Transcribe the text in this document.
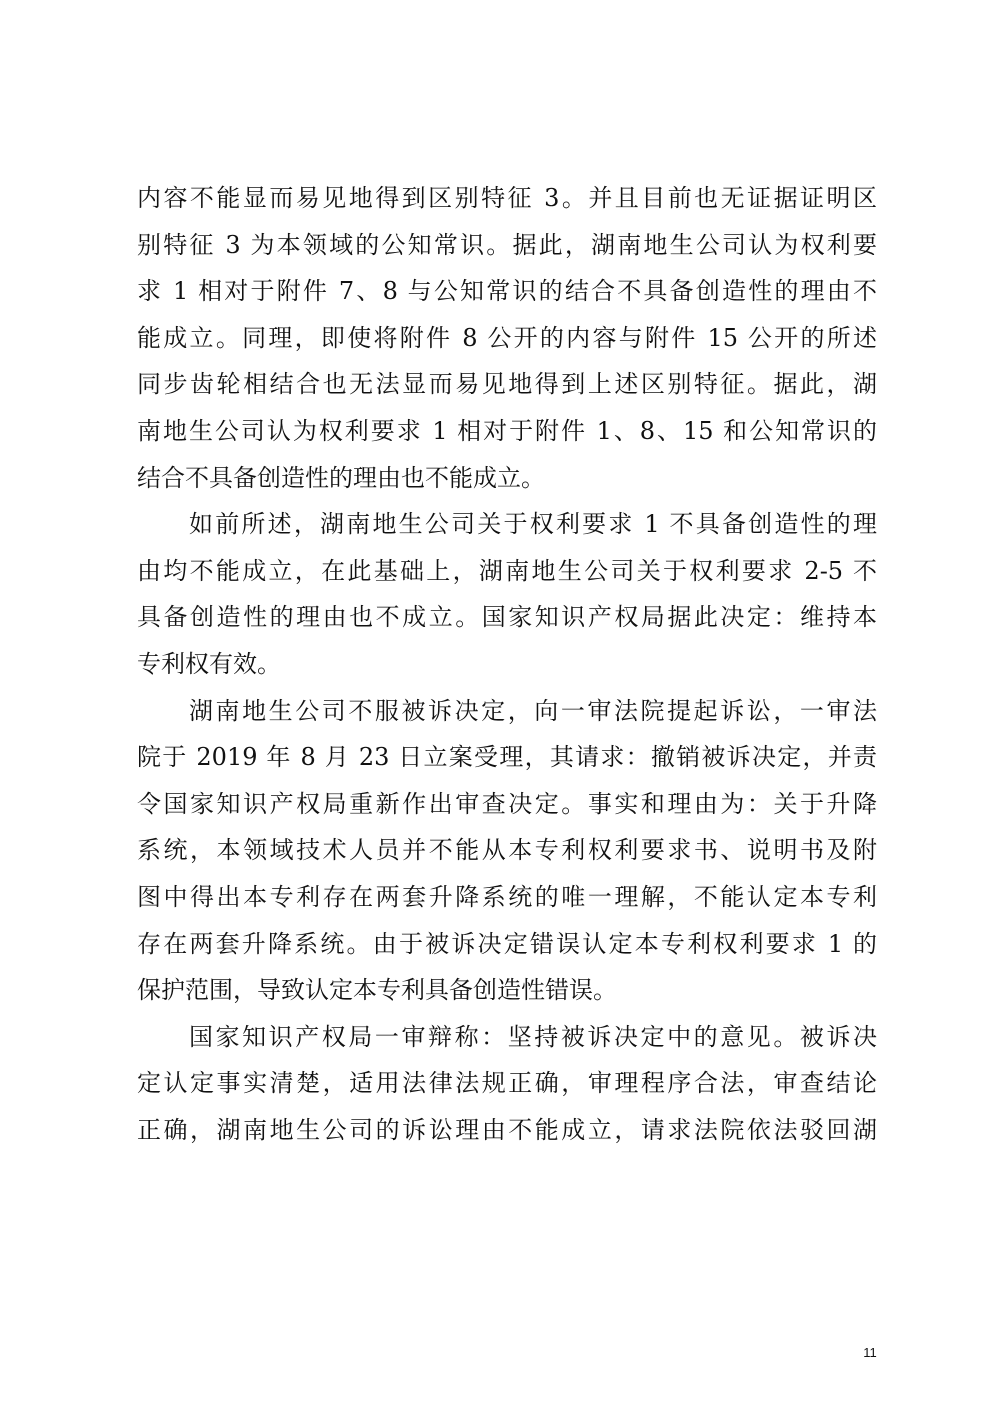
内容不能显而易见地得到区别特征 3。并且目前也无证据证明区
别特征 3 为本领域的公知常识。据此，湖南地生公司认为权利要
求 1 相对于附件 7、8 与公知常识的结合不具备创造性的理由不
能成立。同理，即使将附件 8 公开的内容与附件 15 公开的所述
同步齿轮相结合也无法显而易见地得到上述区别特征。据此，湖
南地生公司认为权利要求 1 相对于附件 1、8、15 和公知常识的
结合不具备创造性的理由也不能成立。
如前所述，湖南地生公司关于权利要求 1 不具备创造性的理
由均不能成立，在此基础上，湖南地生公司关于权利要求 2-5 不
具备创造性的理由也不成立。国家知识产权局据此决定：维持本
专利权有效。
湖南地生公司不服被诉决定，向一审法院提起诉讼，一审法
院于 2019 年 8 月 23 日立案受理，其请求：撤销被诉决定，并责
令国家知识产权局重新作出审查决定。事实和理由为：关于升降
系统，本领域技术人员并不能从本专利权利要求书、说明书及附
图中得出本专利存在两套升降系统的唯一理解，不能认定本专利
存在两套升降系统。由于被诉决定错误认定本专利权利要求 1 的
保护范围，导致认定本专利具备创造性错误。
国家知识产权局一审辩称：坚持被诉决定中的意见。被诉决
定认定事实清楚，适用法律法规正确，审理程序合法，审查结论
正确，湖南地生公司的诉讼理由不能成立，请求法院依法驳回湖
11
